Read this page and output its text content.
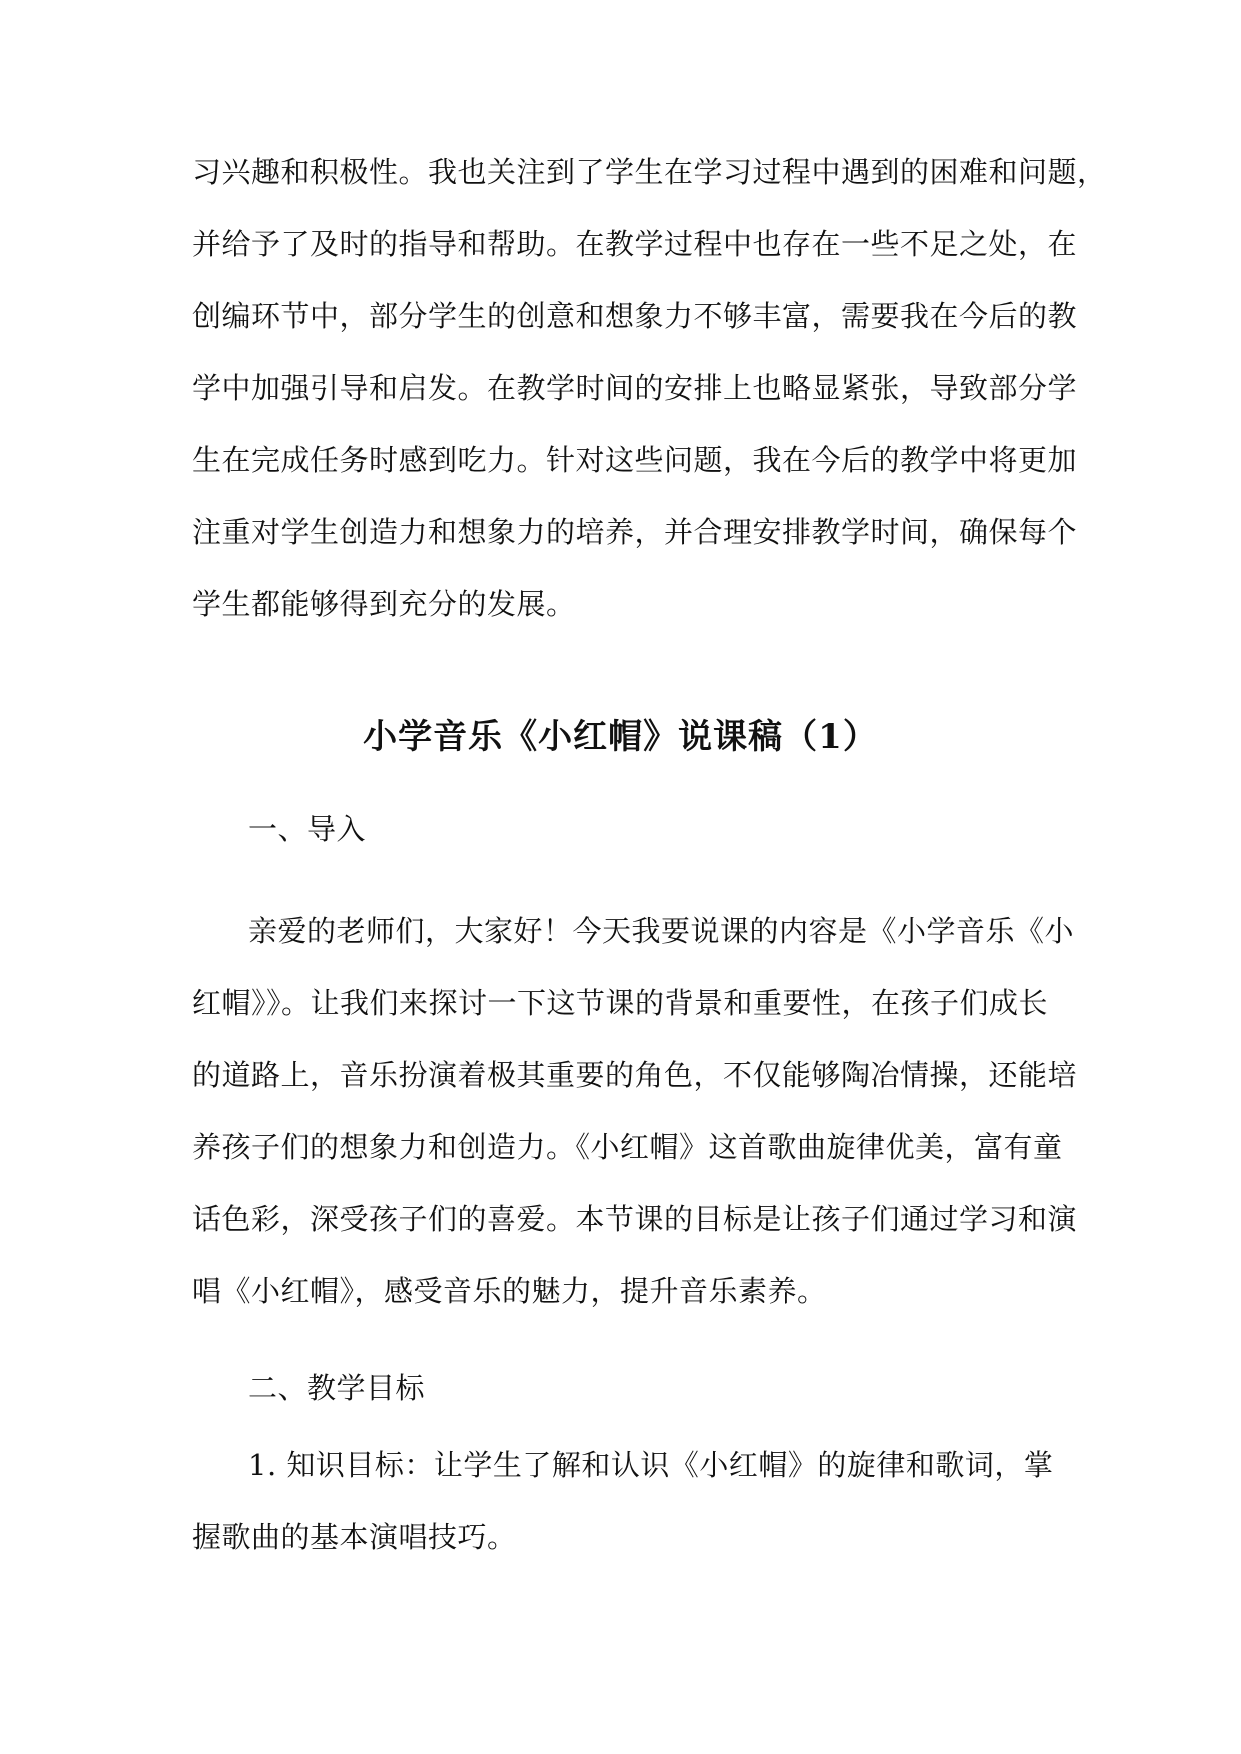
习兴趣和积极性。我也关注到了学生在学习过程中遇到的困难和问题，
并给予了及时的指导和帮助。在教学过程中也存在一些不足之处，在
创编环节中，部分学生的创意和想象力不够丰富，需要我在今后的教
学中加强引导和启发。在教学时间的安排上也略显紧张，导致部分学
生在完成任务时感到吃力。针对这些问题，我在今后的教学中将更加
注重对学生创造力和想象力的培养，并合理安排教学时间，确保每个
学生都能够得到充分的发展。
小学音乐《小红帽》说课稿（1）
一、导入
亲爱的老师们，大家好！今天我要说课的内容是《小学音乐《小
红帽》》。让我们来探讨一下这节课的背景和重要性，在孩子们成长
的道路上，音乐扮演着极其重要的角色，不仅能够陶冶情操，还能培
养孩子们的想象力和创造力。《小红帽》这首歌曲旋律优美，富有童
话色彩，深受孩子们的喜爱。本节课的目标是让孩子们通过学习和演
唱《小红帽》，感受音乐的魅力，提升音乐素养。
二、教学目标
1. 知识目标：让学生了解和认识《小红帽》的旋律和歌词，掌
握歌曲的基本演唱技巧。
